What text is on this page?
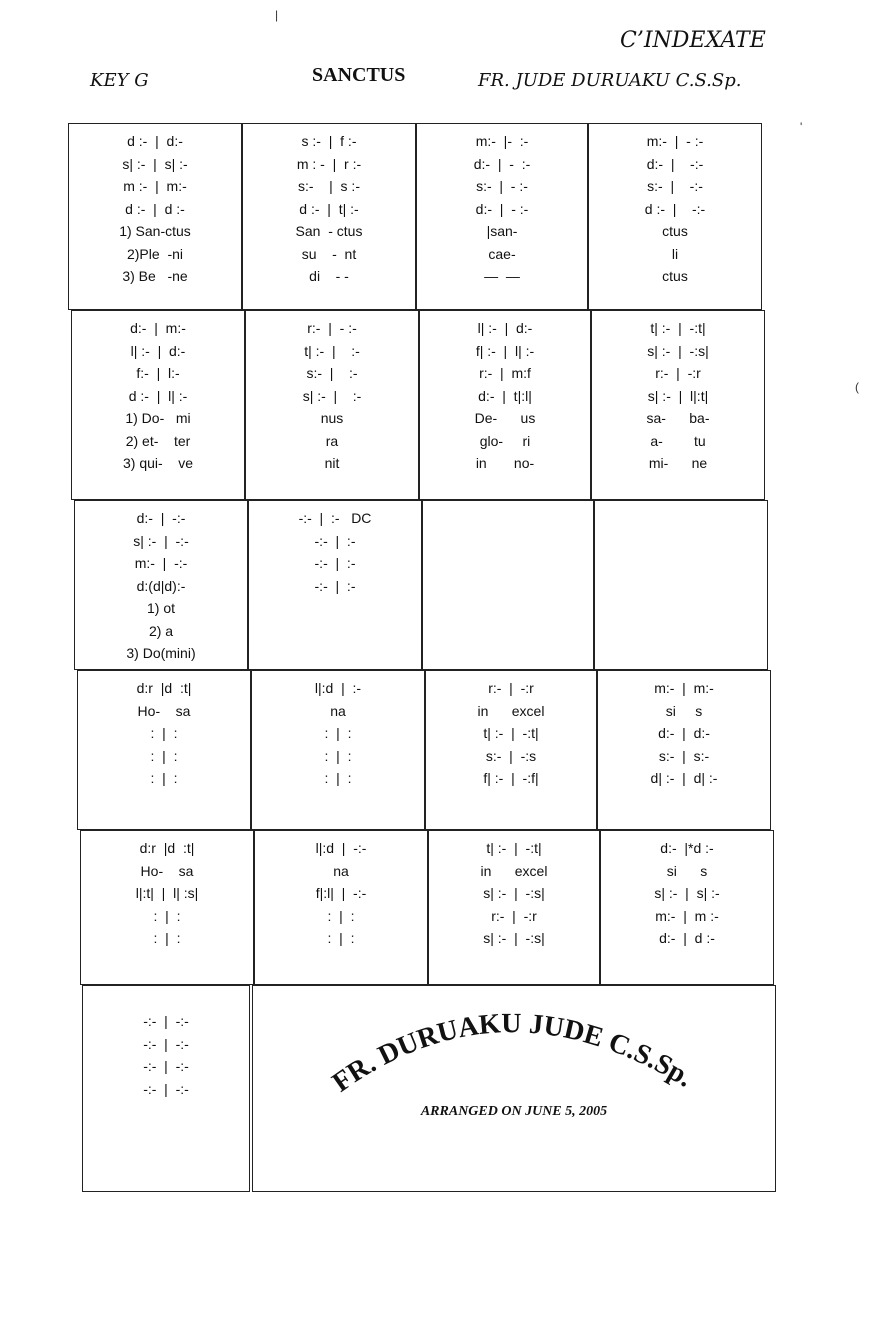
KEY G	SANCTUS	FR. JUDE DURUAKU C.S.Sp.
C’INDEXATE
d :-  |  d:-
s| :-  |  s| :-
m :-  |  m:-
d :-  |  d :-
1) San-ctus
2)Ple  -ni
3) Be   -ne
s :-  |  f :-
m : -  |  r :-
s:-    |  s :-
d :-  |  t| :-
San  - ctus
su    -  nt
di    - -
m:-  |-  :-
d:-  |  -  :-
s:-  |  - :-
d:-  |  - :-
|san-
cae-
—  —
m:-  |  - :-
d:-  |    -:-
s:-  |    -:-
d :-  |    -:-
ctus
li
ctus
d:-  |  m:-
l| :-  |  d:-
f:-  |  l:-
d :-  |  l| :-
1) Do-   mi
2) et-    ter
3) qui-    ve
r:-  |  - :-
t| :-  |    :-
s:-  |    :-
s| :-  |    :-
nus
ra
nit
l| :-  |  d:-
f| :-  |  l| :-
r:-  |  m:f
d:-  |  t|:l|
De-      us
glo-     ri
in       no-
t| :-  |  -:t|
s| :-  |  -:s|
r:-  |  -:r
s| :-  |  l|:t|
sa-      ba-
a-        tu
mi-      ne
d:-  |  -:-
s| :-  |  -:-
m:-  |  -:-
d:(d|d):-
1) ot
2) a
3) Do(mini)
-:-  |  :-   DC
-:-  |  :-
-:-  |  :-
-:-  |  :-
d:r  |d  :t|
Ho-    sa
:  |  :
:  |  :
:  |  :
l|:d  |  :-
na
:  |  :
:  |  :
:  |  :
r:-  |  -:r
in      excel
t| :-  |  -:t|
s:-  |  -:s
f| :-  |  -:f|
m:-  |  m:-
si     s
d:-  |  d:-
s:-  |  s:-
d| :-  |  d| :-
d:r  |d  :t|
Ho-    sa
l|:t|  |  l| :s|
:  |  :
:  |  :
l|:d  |  -:-
na
f|:l|  |  -:-
:  |  :
:  |  :
t| :-  |  -:t|
in      excel
s| :-  |  -:s|
r:-  |  -:r
s| :-  |  -:s|
d:-  |*d :-
si      s
s| :-  |  s| :-
m:-  |  m :-
d:-  |  d :-
-:-  |  -:-
-:-  |  -:-
-:-  |  -:-
-:-  |  -:-	FR. DURUAKU JUDE C.S.Sp.
ARRANGED ON JUNE 5, 2005
'
(
|
